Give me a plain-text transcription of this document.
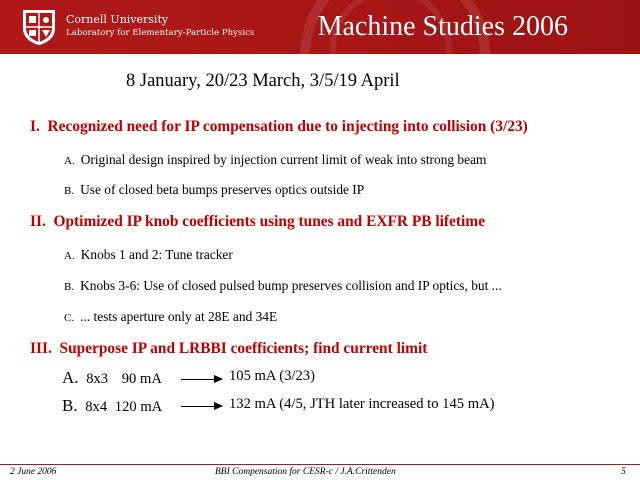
Cornell University
Laboratory for Elementary-Particle Physics Machine Studies 2006
8 January, 20/23 March, 3/5/19 April
I. Recognized need for IP compensation due to injecting into collision (3/23)
A. Original design inspired by injection current limit of weak into strong beam
B. Use of closed beta bumps preserves optics outside IP
II. Optimized IP knob coefficients using tunes and EXFR PB lifetime
A. Knobs 1 and 2: Tune tracker
B. Knobs 3-6: Use of closed pulsed bump preserves collision and IP optics, but ...
C. ... tests aperture only at 28E and 34E
III. Superpose IP and LRBBI coefficients; find current limit
A. 8x3 90 mA	105 mA (3/23)
B. 8x4 120 mA	132 mA (4/5, JTH later increased to 145 mA)
2 June 2006	BBI Compensation for CESR-c / J.A.Crittenden	5
